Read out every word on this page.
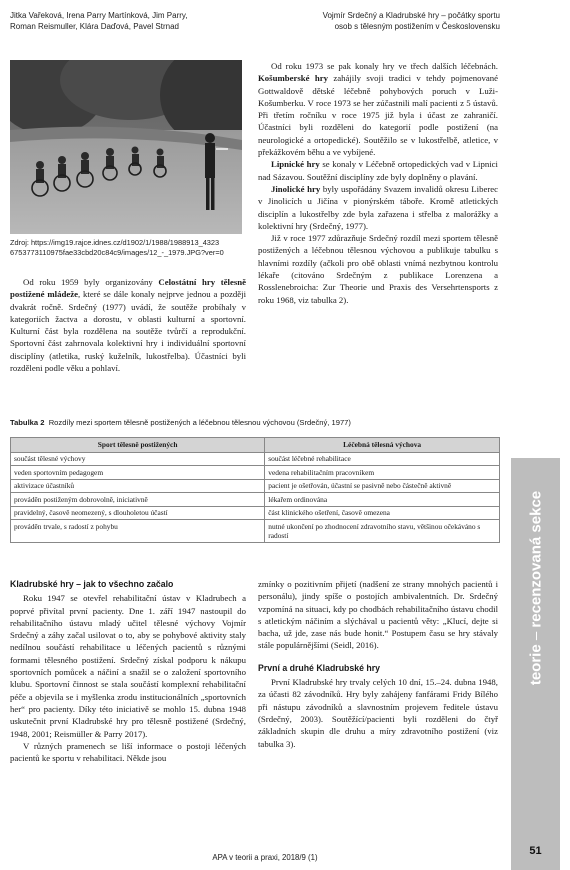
Jitka Vařeková, Irena Parry Martínková, Jim Parry,
Roman Reismuller, Klára Daďová, Pavel Strnad
Vojmír Srdečný a Kladrubské hry – počátky sportu
osob s tělesným postižením v Československu
Zdroj: https://img19.rajce.idnes.cz/d1902/1/1988/1988913_4323 6753773110975fae33cbd20c84c9/images/12_-_1979.JPG?ver=0

Od roku 1959 byly organizovány Celostátní hry tělesně postižené mládeže, které se dále konaly nejprve jednou a později dvakrát ročně. Srdečný (1977) uvádí, že soutěže probíhaly v kategoriích žactva a dorostu, v oblasti kulturní a sportovní. Kulturní část byla rozdělena na soutěže tvůrčí a reprodukční. Sportovní část zahrnovala kolektivní hry i individuální sportovní disciplíny (atletika, ruský kuželník, lukostřelba). Účastníci byli rozděleni podle věku a pohlaví.

Od roku 1973 se pak konaly hry ve třech dalších léčebnách. Košumberské hry zahájily svoji tradici v tehdy pojmenované Gottwaldově dětské léčebně pohybových poruch v Luži-Košumberku. V roce 1973 se her zúčastnili malí pacienti z 5 ústavů. Při třetím ročníku v roce 1975 již byla i účast ze zahraničí. Účastníci byli rozděleni do kategorií podle postižení (na neurologické a ortopedické). Soutěžilo se v lukostřelbě, atletice, v překážkovém běhu a ve vybíjené.

Lipnické hry se konaly v Léčebně ortopedických vad v Lipnici nad Sázavou. Soutěžní disciplíny zde byly doplněny o plavání.

Jinolické hry byly uspořádány Svazem invalidů okresu Liberec v Jinolicích u Jičína v pionýrském táboře. Kromě atletických disciplín a lukostřelby zde byla zařazena i střelba z malorážky a kolektivní hry (Srdečný, 1977).

Již v roce 1977 zdůrazňuje Srdečný rozdíl mezi sportem tělesně postižených a léčebnou tělesnou výchovou a publikuje tabulku s hlavními rozdíly (ačkoli pro obě oblasti vnímá nezbytnou kontrolu lékaře (citováno Srdečným z publikace Lorenzena a Rosslenebroicha: Zur Theorie und Praxis des Versehrtensports z roku 1968, viz tabulka 2).

Tabulka 2 Rozdíly mezi sportem tělesně postižených a léčebnou tělesnou výchovou (Srdečný, 1977)
Sport tělesně postižených	Léčebná tělesná výchova
součást tělesné výchovy	součást léčebné rehabilitace
veden sportovním pedagogem	vedena rehabilitačním pracovníkem
aktivizace účastníků	pacient je ošetřován, účastní se pasivně nebo částečně aktivně
prováděn postiženým dobrovolně, iniciativně	lékařem ordinována
pravidelný, časově neomezený, s dlouholetou účastí	část klinického ošetření, časově omezena
prováděn trvale, s radostí z pohybu	nutné ukončení po zhodnocení zdravotního stavu, většinou očekáváno s radostí
Kladrubské hry – jak to všechno začalo

Roku 1947 se otevřel rehabilitační ústav v Kladrubech a poprvé přivítal první pacienty. Dne 1. září 1947 nastoupil do rehabilitačního ústavu mladý učitel tělesné výchovy Vojmír Srdečný a záhy začal usilovat o to, aby se pohybové aktivity staly nedílnou součástí rehabilitace u léčených pacientů s různými formami tělesného postižení. Srdečný získal podporu k nákupu sportovních pomůcek a náčiní a snažil se o založení sportovního klubu. Sportovní činnost se stala součástí komplexní rehabilitační péče a objevila se i myšlenka zrodu institucionálních „sportovních her“ pro pacienty. Díky této iniciativě se mohlo 15. dubna 1948 uskutečnit první Kladrubské hry pro tělesně postižené (Srdečný, 1948, 2001; Reismüller & Parry 2017).

V různých pramenech se liší informace o postoji léčených pacientů ke sportu v rehabilitaci. Někde jsou

zmínky o pozitivním přijetí (nadšení ze strany mnohých pacientů i personálu), jindy spíše o postojích ambivalentních. Dr. Srdečný vzpomíná na situaci, kdy po chodbách rehabilitačního ústavu chodil s atletickým náčiním a slýchával u pacientů věty: „Klucí, dejte si bacha, už jde, zase nás bude honit.“ Postupem času se hry stávaly stále populárnějšími (Seidl, 2016).

První a druhé Kladrubské hry

První Kladrubské hry trvaly celých 10 dní, 15.–24. dubna 1948, za účasti 82 závodníků. Hry byly zahájeny fanfárami Fridy Bílého při nástupu závodníků a slavnostním projevem ředitele ústavu (Srdečný, 2003). Soutěžící/pacienti byli rozděleni do čtyř základních skupin dle druhu a míry zdravotního postižení (viz tabulka 3).

teorie – recenzovaná sekce
APA v teorii a praxi, 2018/9 (1)
51
